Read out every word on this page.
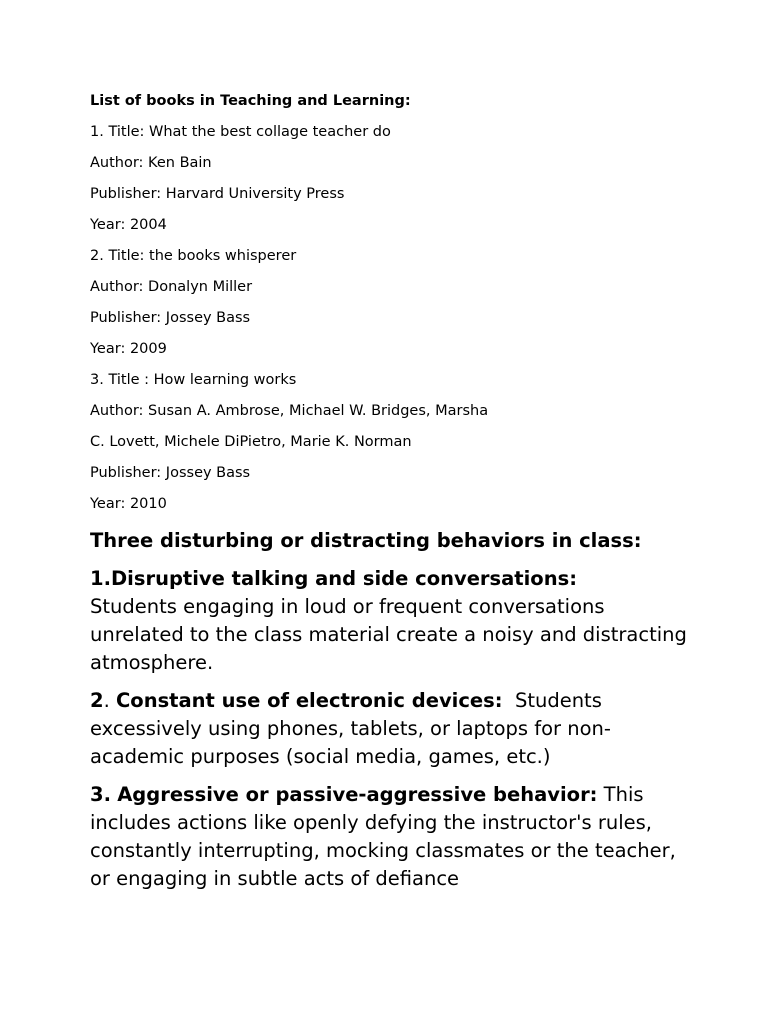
List of books in Teaching and Learning:
1. Title: What the best collage teacher do
Author: Ken Bain
Publisher: Harvard University Press
Year: 2004
2. Title: the books whisperer
Author: Donalyn Miller
Publisher: Jossey Bass
Year: 2009
3. Title : How learning works
Author: Susan A. Ambrose, Michael W. Bridges, Marsha
C. Lovett, Michele DiPietro, Marie K. Norman
Publisher: Jossey Bass
Year: 2010
Three disturbing or distracting behaviors in class:
1.Disruptive talking and side conversations:
Students engaging in loud or frequent conversations unrelated to the class material create a noisy and distracting atmosphere.
2. Constant use of electronic devices:  Students excessively using phones, tablets, or laptops for non-academic purposes (social media, games, etc.)
3. Aggressive or passive-aggressive behavior: This includes actions like openly defying the instructor's rules, constantly interrupting, mocking classmates or the teacher, or engaging in subtle acts of defiance
